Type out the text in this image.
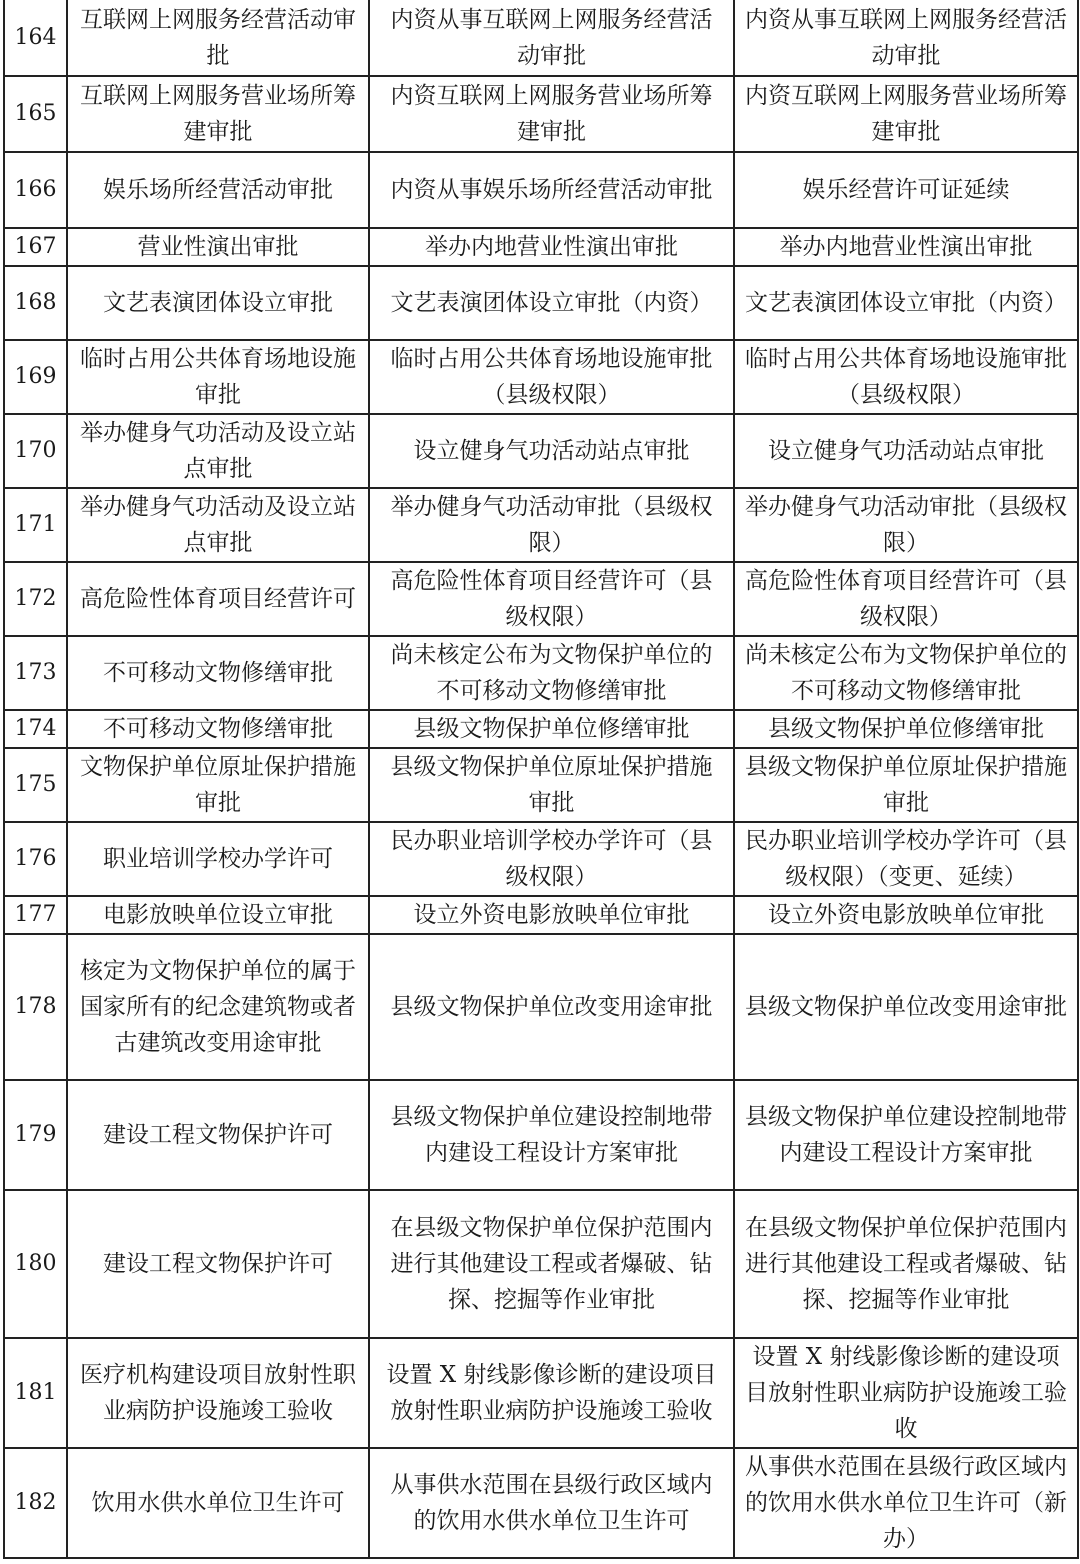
164	互联网上网服务经营活动审批	内资从事互联网上网服务经营活动审批	内资从事互联网上网服务经营活动审批
165	互联网上网服务营业场所筹建审批	内资互联网上网服务营业场所筹建审批	内资互联网上网服务营业场所筹建审批
166	娱乐场所经营活动审批	内资从事娱乐场所经营活动审批	娱乐经营许可证延续
167	营业性演出审批	举办内地营业性演出审批	举办内地营业性演出审批
168	文艺表演团体设立审批	文艺表演团体设立审批（内资）	文艺表演团体设立审批（内资）
169	临时占用公共体育场地设施审批	临时占用公共体育场地设施审批（县级权限）	临时占用公共体育场地设施审批（县级权限）
170	举办健身气功活动及设立站点审批	设立健身气功活动站点审批	设立健身气功活动站点审批
171	举办健身气功活动及设立站点审批	举办健身气功活动审批（县级权限）	举办健身气功活动审批（县级权限）
172	高危险性体育项目经营许可	高危险性体育项目经营许可（县级权限）	高危险性体育项目经营许可（县级权限）
173	不可移动文物修缮审批	尚未核定公布为文物保护单位的不可移动文物修缮审批	尚未核定公布为文物保护单位的不可移动文物修缮审批
174	不可移动文物修缮审批	县级文物保护单位修缮审批	县级文物保护单位修缮审批
175	文物保护单位原址保护措施审批	县级文物保护单位原址保护措施审批	县级文物保护单位原址保护措施审批
176	职业培训学校办学许可	民办职业培训学校办学许可（县级权限）	民办职业培训学校办学许可（县级权限）（变更、延续）
177	电影放映单位设立审批	设立外资电影放映单位审批	设立外资电影放映单位审批
178	核定为文物保护单位的属于国家所有的纪念建筑物或者古建筑改变用途审批	县级文物保护单位改变用途审批	县级文物保护单位改变用途审批
179	建设工程文物保护许可	县级文物保护单位建设控制地带内建设工程设计方案审批	县级文物保护单位建设控制地带内建设工程设计方案审批
180	建设工程文物保护许可	在县级文物保护单位保护范围内进行其他建设工程或者爆破、钻探、挖掘等作业审批	在县级文物保护单位保护范围内进行其他建设工程或者爆破、钻探、挖掘等作业审批
181	医疗机构建设项目放射性职业病防护设施竣工验收	设置 X 射线影像诊断的建设项目放射性职业病防护设施竣工验收	设置 X 射线影像诊断的建设项目放射性职业病防护设施竣工验收
182	饮用水供水单位卫生许可	从事供水范围在县级行政区域内的饮用水供水单位卫生许可	从事供水范围在县级行政区域内的饮用水供水单位卫生许可（新办）
